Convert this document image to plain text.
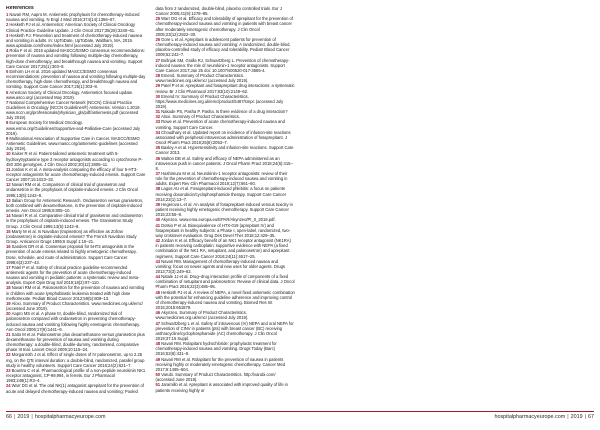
References

1Navari RM, Aapro M. Antiemetic prophylaxis for chemotherapy-induced nausea and vomiting. N Engl J Med 2016;374(14):1356–67.

2Hesketh PJ et al. Antiemetics: American Society of Clinical Oncology Clinical Practice Guideline Update. J Clin Oncol 2017;35(28):3240–61.

3Hesketh PJ. Prevention and treatment of chemotherapy-induced nausea and vomiting in adults. In: UpToDate, UpToDate, Waltham, MA, 2019. www.uptodate.com/home/index.html (accessed July 2019).

4Rolia F et al. 2016 updated MASCC/ESMO consensus recommendations: prevention of nausea and vomiting following multiple-day chemotherapy, high-dose chemotherapy, and breakthrough nausea and vomiting. Support Care Cancer 2017;25(1):303–8.

5Einhorn LH et al. 2016 updated MASCC/ESMO consensus recommendations: prevention of nausea and vomiting following multiple-day chemotherapy, high-dose chemotherapy, and breakthrough nausea and vomiting. Support Care Cancer 2017;25(1):303–8.

6American Society of Clinical Oncology. Antiemetics focused update. www.asco.org/ (accessed May 2019).

7National Comprehensive Cancer Network (NCCN) Clinical Practice Guidelines in Oncology (NCCN Guidelines®) Antiemesis. Version 1.2019. www.nccn.org/professionals/physician_gls/pdf/antiemesis.pdf (accessed July 2019).

8European Society for Medical Oncology. www.esmo.org/Guidelines/Supportive-and-Palliative-Care (accessed July 2019).

9Multinational Association of Supportive Care in Cancer. MASCC/ESMO Antiemetic Guidelines. www.mascc.org/antiemetic-guidelines (accessed July 2019).

10Kaiser R et al. Patient-tailored antiemetic treatment with 5-hydroxytryptamine type 3 receptor antagonists according to cytochrome P-450 2D6 genotypes. J Clin Oncol 2002;20(12):2805–11.

11Jordan K et al. A meta-analysis comparing the efficacy of four 5-HT3-receptor antagonists for acute chemotherapy-induced emesis. Support Care Cancer 2007;15:1023–33.

12Navari RM et al. Comparison of clinical trial of granisetron and ondansetron in the prophylaxis of cisplatin-induced emesis. J Clin Oncol 1995;13(5):1242–8.

13Italian Group for Antiemetic Research. Ondansetron versus granisetron, both combined with dexamethasone, in the prevention of cisplatin-induced emesis. Ann Oncol 1995;6:805–10.

14Navari R et al. Comparative clinical trial of granisetron and ondansetron in the prophylaxis of cisplatin-induced emesis. The Granisetron Study Group. J Clin Oncol 1995;13(5):1242–8.

15Marty M et al. Is Navoban (tropisetron) as effective as Zofran (ondansetron) in cisplatin-induced emesis? The French Navoban Study Group. Anticancer Drugs 1995;6 Suppl 1:15–21.

16Sanders DR et al. Consensus proposal for 5HT3 antagonists in the prevention of acute emesis related to highly emetogenic chemotherapy. Dose, schedule, and route of administration. Support Care Cancer 1998;6(3):237–43.

17Patel P et al. Safety of clinical practice guideline-recommended antiemetic agents for the prevention of acute chemotherapy-induced nausea and vomiting in pediatric patients: a systematic review and meta-analysis. Expert Opin Drug Saf 2019;18(2):97–110.

18Navari RM et al. Palonosetron for the prevention of nausea and vomiting in children with acute lymphoblastic leukemia treated with high dose methotrexate. Pediatr Blood Cancer 2012;59(5):809–13.

19Aloxi. Summary of Product Characteristics. www.medicines.org.uk/emc/ (accessed June 2019).

20Aapro MS et al. A phase III, double-blind, randomized trial of palonosetron compared with ondansetron in preventing chemotherapy-induced nausea and vomiting following highly emetogenic chemotherapy. Ann Oncol 2006;17(9):1441–9.

21Saito M et al. Palonosetron plus dexamethasone versus granisetron plus dexamethasone for prevention of nausea and vomiting during chemotherapy: a double-blind, double-dummy, randomised, comparative phase III trial. Lancet Oncol 2009;10:115–24.

22Morganroth J et al. Effect of single doses of IV palonosetron, up to 2.25 mg, on the QTc interval duration: a double-blind, randomized, parallel group study in healthy volunteers. Support Care Cancer 2016;24(2):621–7.

23Bountra C et al. Pharmacological profile of a non-peptide neurokinin NK1 receptor antagonist, CP-99,994, in ferrets. Eur J Pharmacol 1993;249(1):R3–4.

24Warr DG et al. The oral NK(1) antagonist aprepitant for the prevention of acute and delayed chemotherapy-induced nausea and vomiting: Pooled data from 2 randomized, double-blind, placebo controlled trials. Eur J Cancer 2005;41(9):1278–85.

25Warr DG et al. Efficacy and tolerability of aprepitant for the prevention of chemotherapy-induced nausea and vomiting in patients with breast cancer after moderately emetogenic chemotherapy. J Clin Oncol 2005;23(12):2822–30.

26Gore L et al. Aprepitant in adolescent patients for prevention of chemotherapy-induced nausea and vomiting: A randomized, double-blind, placebo-controlled study of efficacy and tolerability. Pediatr Blood Cancer 2009;52:242–7.

27Bošnjak SM, Gralla RJ, Schwartzberg L. Prevention of chemotherapy-induced nausea: the role of neurokinin-1 receptor antagonists. Support Care Cancer 2017;Jan 25 doi: 10.1007/s00520-017-3585-4.

28Emend. Summary of Product Characteristics. www.medicines.org.uk/emc/ (accessed July 2019).

29Patel P et al. Aprepitant and fosaprepitant drug interactions: a systematic review. Br J Clin Pharmacol 2017;83(10):2148–62.

30Emend IV. Summary of Product Characteristics. https://www.medicines.org.uk/emc/product/5487/smpc (accessed July 2019).

31Nakade PS, Pasha P. Pasha. Is there evidence of a drug interaction?

32Aloxi. Summary of Product Characteristics.

33Rowe et al. Prevention of acute chemotherapy-induced nausea and vomiting. Support Care Cancer.

34Choudhary et al. Updated report on incidence of infusion-site reactions associated with peripheral intravenous administration of fosaprepitant. J Oncol Pharm Pract 2019;25(8):2053–7.

35Baxley A et al. Hypersensitivity and infusion-site reactions. Support Care Cancer 2013.

36Walton DB et al. Safety and efficacy of NEPA administered as an intravenous push in cancer patients. J Oncol Pharm Pract 2018;24(6):415–8.

37Hashimura M et al. Neurokinin-1 receptor antagonists: review of their role for the prevention of chemotherapy-induced nausea and vomiting in adults. Expert Rev Clin Pharmacol 2019;12(7):661–80.

38Lagos AU et al. Fosaprepitant-induced phlebitis: a focus on patients receiving doxorubicin/cyclophosphamide therapy. Support Care Cancer 2014;22(1):13–7.

39Hegerova L et al. An analysis of fosaprepitant-induced venous toxicity in patient receiving highly emetogenic chemotherapy. Support Care Cancer 2015;23:55–9.

40Akynzeo. www.ema.europa.eu/EPAR/Akynzeo/PI_0_2019.pdf.

41Dotsio P et al. Bioequivalence of HTX-019 (aprepitant IV) and fosaprepitant in healthy subjects: a Phase I, open-label, randomized, two-way crossover evaluation. Drug Des Devel Ther 2018;12:429–35.

42Jordan K et al. Efficacy benefit of an NK1 receptor antagonist (NK1RA) in patients receiving carboplatin: supportive evidence with NEPA (a fixed combination of the NK1 RA, netupitant, and palonosetron) and aprepitant regimens. Support Care Cancer 2016;24(11):4617–25.

43Navari RM. Management of chemotherapy-induced nausea and vomiting: focus on newer agents and new uses for older agents. Drugs 2013;73(3):249–62.

44Natale JJ et al. Drug–drug interaction profile of components of a fixed combination of netupitant and palonosetron: Review of clinical data. J Oncol Pharm Pract 2016;22(3):485–95.

45Hesketh PJ et al. A review of NEPA, a novel fixed antiemetic combination with the potential for enhancing guideline adherence and improving control of chemotherapy-induced nausea and vomiting. Biomed Res Int 2015;2015:651879.

46Akynzeo. Summary of Product Characteristics. www.medicines.org.uk/emc/ (accessed July 2019).

47Schwartzberg L et al. Safety of intravenous (IV) NEPA and oral NEPA for prevention of CINV in patients (pts) with breast cancer (BC) receiving anthracycline/cyclophosphamide (AC) chemotherapy. J Clin Oncol 2019;37:15 Suppl.

48Navari RM. Rolapitant hydrochloride: prophylactic treatment for chemotherapy-induced nausea and vomiting. Drugs Today (Barc) 2016;52(8):431–8.

49Navari RM et al. Rolapitant for the prevention of nausea in patients receiving highly or moderately emetogenic chemotherapy. Cancer Med 2017;6:1495–504.

50Varubi. Summary of Product Characteristics. http://varubi.com/ (accessed June 2019).

51Jaramillo et al. Aprepitant is associated with improved quality of life in patients receiving highly or

66 | 2019 | hospitalpharmacyeurope.com	hospitalpharmacyeurope.com | 2019 | 67
